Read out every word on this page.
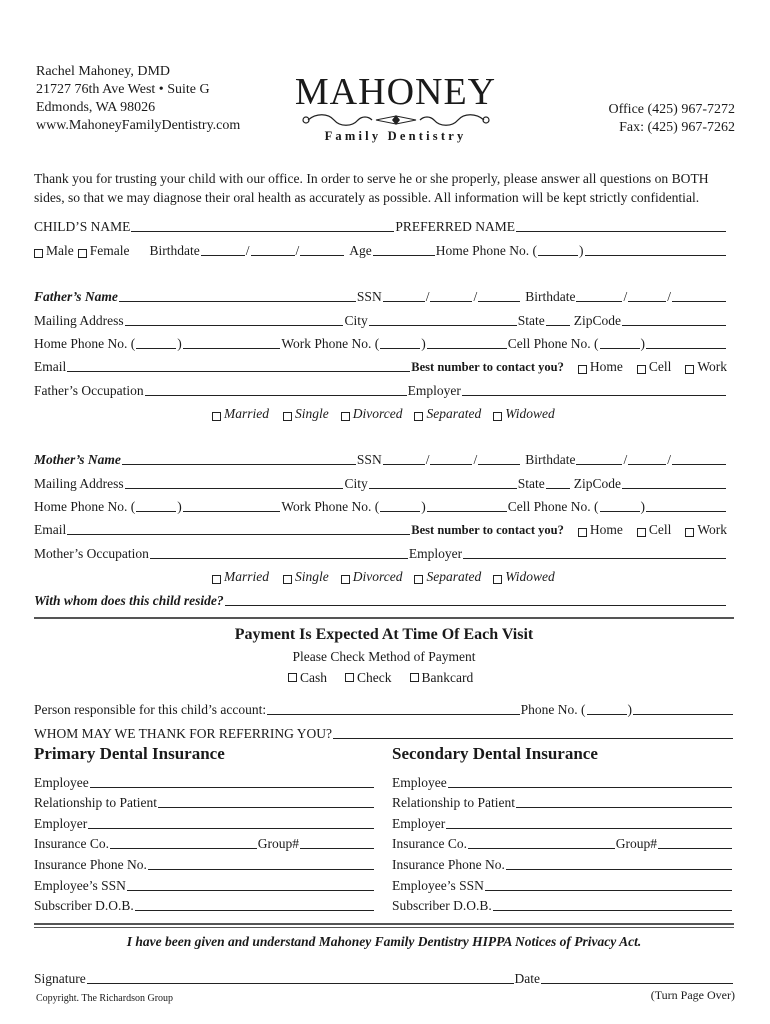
Rachel Mahoney, DMD
21727 76th Ave West • Suite G
Edmonds, WA 98026
www.MahoneyFamilyDentistry.com
MAHONEY
Family Dentistry
Office (425) 967-7272
Fax: (425) 967-7262
Thank you for trusting your child with our office. In order to serve he or she properly, please answer all questions on BOTH
sides, so that we may diagnose their oral health as accurately as possible. All information will be kept strictly confidential.
CHILD’S NAME	PREFERRED NAME
Male Female Birthdate	/	/	Age	Home Phone No. (	)
Father’s Name	SSN	/	/	Birthdate	/	/
Mailing Address	City	State ZipCode
Home Phone No. (	)	Work Phone No. (	)	Cell Phone No. (	)
Email	Best number to contact you? Home Cell Work
Father’s Occupation	Employer
Married Single Divorced Separated Widowed
Mother’s Name	SSN	/	/	Birthdate	/	/
Mailing Address	City	State ZipCode
Home Phone No. (	)	Work Phone No. (	)	Cell Phone No. (	)
Email	Best number to contact you? Home Cell Work
Mother’s Occupation	Employer
Married Single Divorced Separated Widowed
With whom does this child reside?
Payment Is Expected At Time Of Each Visit
Please Check Method of Payment
Cash Check Bankcard
Person responsible for this child’s account:	Phone No. (	)
WHOM MAY WE THANK FOR REFERRING YOU?
Primary Dental Insurance
Employee
Relationship to Patient
Employer
Insurance Co.	Group#
Insurance Phone No.
Employee’s SSN
Subscriber D.O.B.
Secondary Dental Insurance
Employee
Relationship to Patient
Employer
Insurance Co.	Group#
Insurance Phone No.
Employee’s SSN
Subscriber D.O.B.
I have been given and understand Mahoney Family Dentistry HIPPA Notices of Privacy Act.
Signature	Date
Copyright. The Richardson Group	(Turn Page Over)
